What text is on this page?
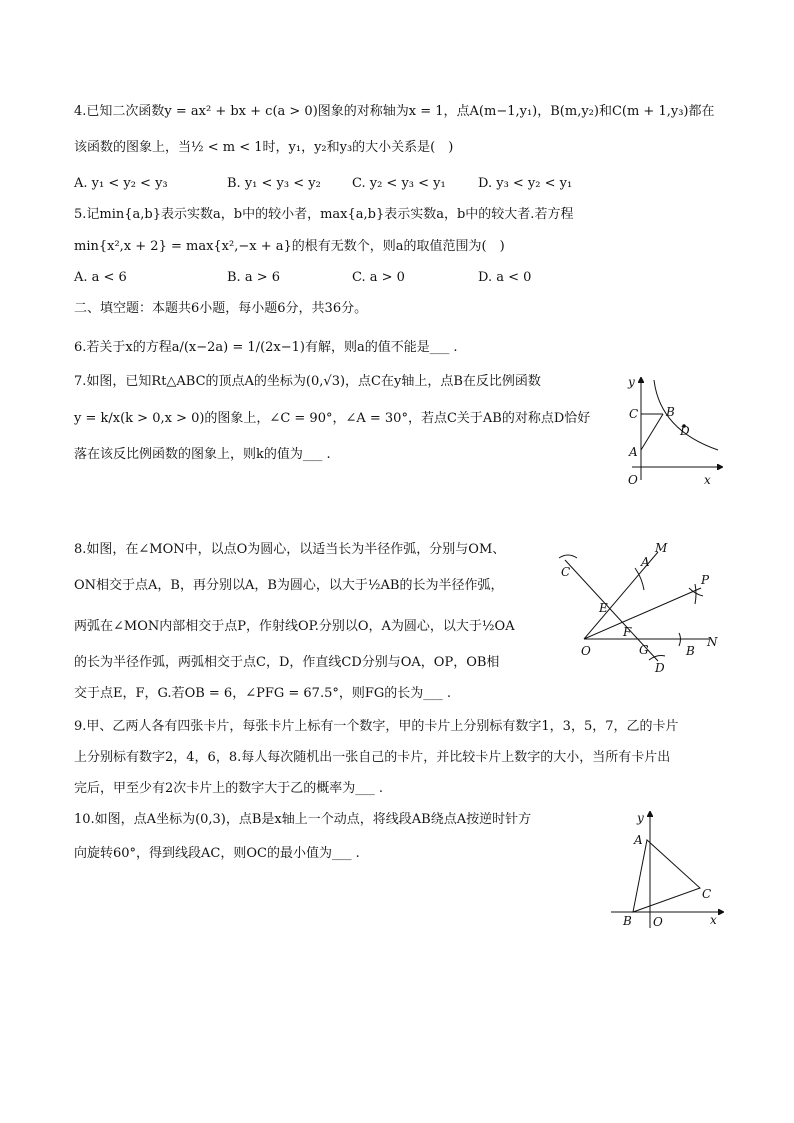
4.已知二次函数y = ax² + bx + c(a > 0)图象的对称轴为x = 1，点A(m−1,y₁)，B(m,y₂)和C(m + 1,y₃)都在
该函数的图象上，当½ < m < 1时，y₁，y₂和y₃的大小关系是(　)
A. y₁ < y₂ < y₃	B. y₁ < y₃ < y₂ C. y₂ < y₃ < y₁ D. y₃ < y₂ < y₁
5.记min{a,b}表示实数a，b中的较小者，max{a,b}表示实数a，b中的较大者.若方程
min{x²,x + 2} = max{x²,−x + a}的根有无数个，则a的取值范围为(　)
A. a < 6	B. a > 6	C. a > 0	D. a < 0
二、填空题：本题共6小题，每小题6分，共36分。
6.若关于x的方程a/(x−2a) = 1/(2x−1)有解，则a的值不能是___ .
7.如图，已知Rt△ABC的顶点A的坐标为(0,√3)，点C在y轴上，点B在反比例函数
y = k/x(k > 0,x > 0)的图象上，∠C = 90°，∠A = 30°，若点C关于AB的对称点D恰好
落在该反比例函数的图象上，则k的值为___ .
y
C B
D
A
O	x
8.如图，在∠MON中，以点O为圆心，以适当长为半径作弧，分别与OM、
ON相交于点A，B，再分别以A，B为圆心，以大于½AB的长为半径作弧，
两弧在∠MON内部相交于点P，作射线OP.分别以O，A为圆心，以大于½OA
的长为半径作弧，两弧相交于点C，D，作直线CD分别与OA，OP，OB相
交于点E，F，G.若OB = 6，∠PFG = 67.5°，则FG的长为___ .
M
C
A
P
E
F
O	G	B
N
D
9.甲、乙两人各有四张卡片，每张卡片上标有一个数字，甲的卡片上分别标有数字1，3，5，7，乙的卡片
上分别标有数字2，4，6，8.每人每次随机出一张自己的卡片，并比较卡片上数字的大小，当所有卡片出
完后，甲至少有2次卡片上的数字大于乙的概率为___ .
10.如图，点A坐标为(0,3)，点B是x轴上一个动点，将线段AB绕点A按逆时针方
向旋转60°，得到线段AC，则OC的最小值为___ .
y
A
C
B O	x
